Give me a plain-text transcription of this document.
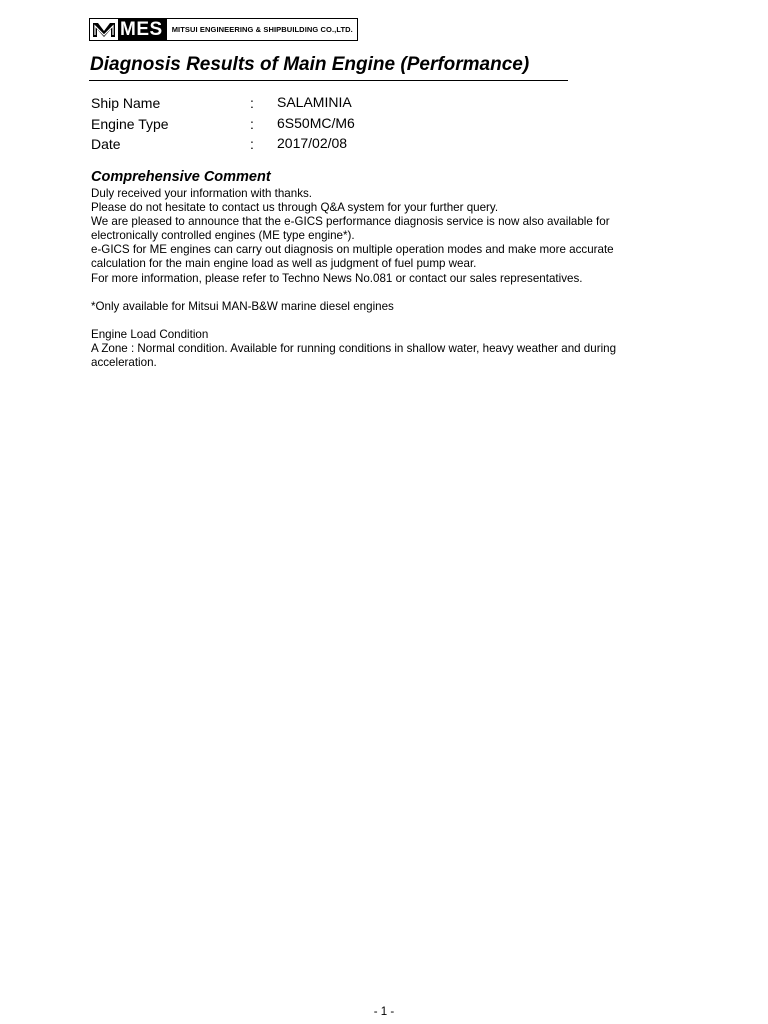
MES	MITSUI ENGINEERING & SHIPBUILDING CO.,LTD.
Diagnosis Results of Main Engine (Performance)
Ship Name	: SALAMINIA
Engine Type	: 6S50MC/M6
Date	: 2017/02/08
Comprehensive Comment

Duly received your information with thanks.

Please do not hesitate to contact us through Q&A system for your further query.

We are pleased to announce that the e-GICS performance diagnosis service is now also available for

electronically controlled engines (ME type engine*).

e-GICS for ME engines can carry out diagnosis on multiple operation modes and make more accurate

calculation for the main engine load as well as judgment of fuel pump wear.

For more information, please refer to Techno News No.081 or contact our sales representatives.

*Only available for Mitsui MAN-B&W marine diesel engines

Engine Load Condition

A Zone : Normal condition. Available for running conditions in shallow water, heavy weather and during

acceleration.

- 1 -
